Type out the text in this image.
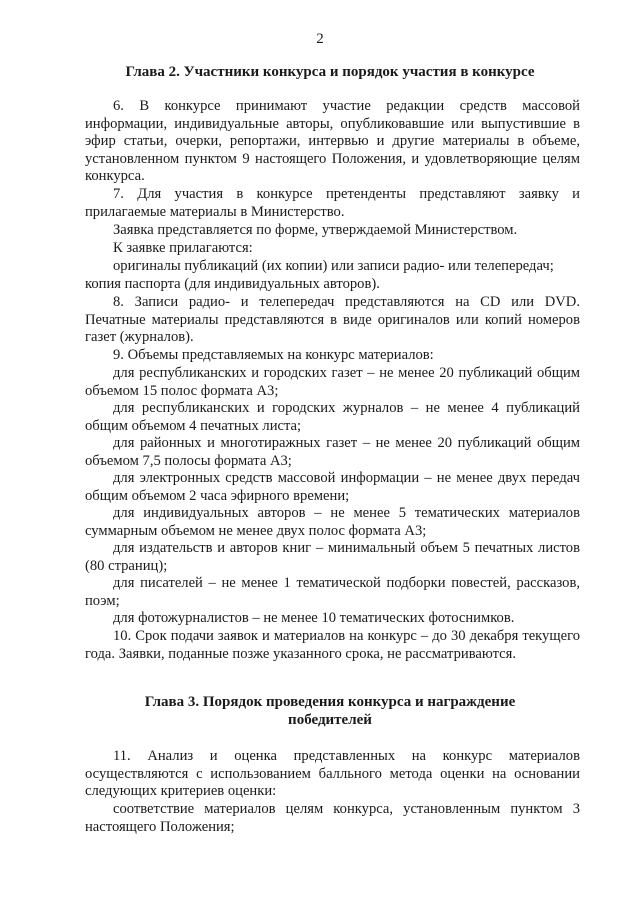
2
Глава 2. Участники конкурса и порядок участия в конкурсе
6. В конкурсе принимают участие редакции средств массовой информации, индивидуальные авторы, опубликовавшие или выпустившие в эфир статьи, очерки, репортажи, интервью и другие материалы в объеме, установленном пунктом 9 настоящего Положения, и удовлетворяющие целям конкурса.
7. Для участия в конкурсе претенденты представляют заявку и прилагаемые материалы в Министерство.
Заявка представляется по форме, утверждаемой Министерством.
К заявке прилагаются:
оригиналы публикаций (их копии) или записи радио- или телепередач;
копия паспорта (для индивидуальных авторов).
8. Записи радио- и телепередач представляются на CD или DVD. Печатные материалы представляются в виде оригиналов или копий номеров газет (журналов).
9. Объемы представляемых на конкурс материалов:
для республиканских и городских газет – не менее 20 публикаций общим объемом 15 полос формата А3;
для республиканских и городских журналов – не менее 4 публикаций общим объемом 4 печатных листа;
для районных и многотиражных газет – не менее 20 публикаций общим объемом 7,5 полосы формата А3;
для электронных средств массовой информации – не менее двух передач общим объемом 2 часа эфирного времени;
для индивидуальных авторов – не менее 5 тематических материалов суммарным объемом не менее двух полос формата А3;
для издательств и авторов книг – минимальный объем 5 печатных листов (80 страниц);
для писателей – не менее 1 тематической подборки повестей, рассказов, поэм;
для фотожурналистов – не менее 10 тематических фотоснимков.
10. Срок подачи заявок и материалов на конкурс – до 30 декабря текущего года. Заявки, поданные позже указанного срока, не рассматриваются.
Глава 3. Порядок проведения конкурса и награждение победителей
11. Анализ и оценка представленных на конкурс материалов осуществляются с использованием балльного метода оценки на основании следующих критериев оценки:
соответствие материалов целям конкурса, установленным пунктом 3 настоящего Положения;
